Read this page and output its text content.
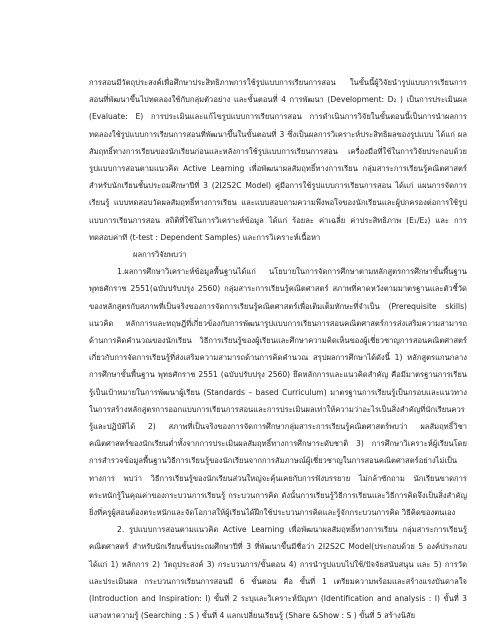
การสอนมีวัตถุประสงค์เพื่อศึกษาประสิทธิภาพการใช้รูปแบบการเรียนการสอน ในขั้นนี้ผู้วิจัยนำรูปแบบการเรียนการสอนที่พัฒนาขึ้นไปทดลองใช้กับกลุ่มตัวอย่าง และขั้นตอนที่ 4 การพัฒนา (Development: D₂ ) เป็นการประเมินผล (Evaluate: E) การประเมินและแก้ไขรูปแบบการเรียนการสอน การดำเนินการวิจัยในขั้นตอนนี้เป็นการนำผลการทดลองใช้รูปแบบการเรียนการสอนที่พัฒนาขึ้นในขั้นตอนที่ 3 ซึ่งเป็นผลการวิเคราะห์ประสิทธิผลของรูปแบบ ได้แก่ ผลสัมฤทธิ์ทางการเรียนของนักเรียนก่อนและหลังการใช้รูปแบบการเรียนการสอน เครื่องมือที่ใช้ในการวิจัยประกอบด้วย รูปแบบการสอนตามแนวคิด Active Learning เพื่อพัฒนาผลสัมฤทธิ์ทางการเรียน กลุ่มสาระการเรียนรู้คณิตศาสตร์ สำหรับนักเรียนชั้นประถมศึกษาปีที่ 3 (2I2S2C Model) คู่มือการใช้รูปแบบการเรียนการสอน ได้แก่ แผนการจัดการเรียนรู้ แบบทดสอบวัดผลสัมฤทธิ์ทางการเรียน และแบบสอบถามความพึงพอใจของนักเรียนและผู้ปกครองต่อการใช้รูปแบบการเรียนการสอน สถิติที่ใช้ในการวิเคราะห์ข้อมูล ได้แก่ ร้อยละ ค่าเฉลี่ย ค่าประสิทธิภาพ (E₁/E₂) และ การทดสอบค่าที (t-test : Dependent Samples) และการวิเคราะห์เนื้อหา

ผลการวิจัยพบว่า

1.ผลการศึกษาวิเคราะห์ข้อมูลพื้นฐานได้แก่ นโยบายในการจัดการศึกษาตามหลักสูตรการศึกษาขั้นพื้นฐานพุทธศักราช 2551(ฉบับปรับปรุง 2560) กลุ่มสาระการเรียนรู้คณิตศาสตร์ สภาพที่คาดหวังตามมาตรฐานและตัวชี้วัดของหลักสูตรกับสภาพที่เป็นจริงของการจัดการเรียนรู้คณิตศาสตร์เพื่อเติมเต็มทักษะที่จำเป็น (Prerequisite skills) แนวคิด หลักการและทฤษฎีที่เกี่ยวข้องกับการพัฒนารูปแบบการเรียนการสอนคณิตศาสตร์การส่งเสริมความสามารถด้านการคิดคำนวณของนักเรียน วิธีการเรียนรู้ของผู้เรียนและศึกษาความคิดเห็นของผู้เชี่ยวชาญการสอนคณิตศาสตร์เกี่ยวกับการจัดการเรียนรู้ที่ส่งเสริมความสามารถด้านการคิดคำนวณ สรุปผลการศึกษาได้ดังนี้ 1) หลักสูตรแกนกลางการศึกษาขั้นพื้นฐาน พุทธศักราช 2551 (ฉบับปรับปรุง 2560) ยึดหลักการและแนวคิดสำคัญ คือมีมาตรฐานการเรียนรู้เป็นเป้าหมายในการพัฒนาผู้เรียน (Standards – based Curriculum) มาตรฐานการเรียนรู้เป็นกรอบและแนวทางในการสร้างหลักสูตรการออกแบบการเรียนการสอนและการประเมินผลเท่าให้ความว่าอะไรเป็นสิ่งสำคัญที่นักเรียนควรรู้และปฏิบัติได้ 2) สภาพที่เป็นจริงของการจัดการศึกษากลุ่มสาระการเรียนรู้คณิตศาสตร์พบว่า ผลสัมฤทธิ์วิชาคณิตศาสตร์ของนักเรียนต่ำทั้งจากการประเมินผลสัมฤทธิ์ทางการศึกษาระดับชาติ 3) การศึกษาวิเคราะห์ผู้เรียนโดยการสำรวจข้อมูลพื้นฐานวิธีการเรียนรู้ของนักเรียนจากการสัมภาษณ์ผู้เชี่ยวชาญในการสอนคณิตศาสตร์อย่างไม่เป็นทางการ พบว่า วิธีการเรียนรู้ของนักเรียนส่วนใหญ่จะคุ้นเคยกับการฟังบรรยาย ไม่กล้าซักถาม นักเรียนขาดการตระหนักรู้ในคุณค่าของกระบวนการเรียนรู้ กระบวนการคิด ดังนั้นการเรียนรู้วิธีการเรียนและวิธีการคิดจึงเป็นสิ่งสำคัญยิ่งที่ครูผู้สอนต้องตระหนักและจัดโอกาสให้ผู้เรียนได้ฝึกใช้ประบวนการคิดและรู้จักกระบวนการคิด วิธีคิดของตนเอง

2. รูปแบบการสอนตามแนวคิด Active Learning เพื่อพัฒนาผลสัมฤทธิ์ทางการเรียน กลุ่มสาระการเรียนรู้คณิตศาสตร์ สำหรับนักเรียนชั้นประถมศึกษาปีที่ 3 ที่พัฒนาขึ้นมีชื่อว่า 2I2S2C Model(ประกอบด้วย 5 องค์ประกอบ ได้แก่ 1) หลักการ 2) วัตถุประสงค์ 3) กระบวนการ/ขั้นตอน 4) การนำรูปแบบไปใช้/ปัจจัยสนับสนุน และ 5) การวัดและประเมินผล กระบวนการเรียนการสอนมี 6 ขั้นตอน คือ ขั้นที่ 1 เตรียมความพร้อมและสร้างแรงบันดาลใจ (Introduction and Inspiration: I) ขั้นที่ 2 ระบุและวิเคราะห์ปัญหา (Identification and analysis : I) ขั้นที่ 3 แสวงหาความรู้ (Searching : S ) ขั้นที่ 4 แลกเปลี่ยนเรียนรู้ (Share &Show : S ) ขั้นที่ 5 สร้างนิสัย
